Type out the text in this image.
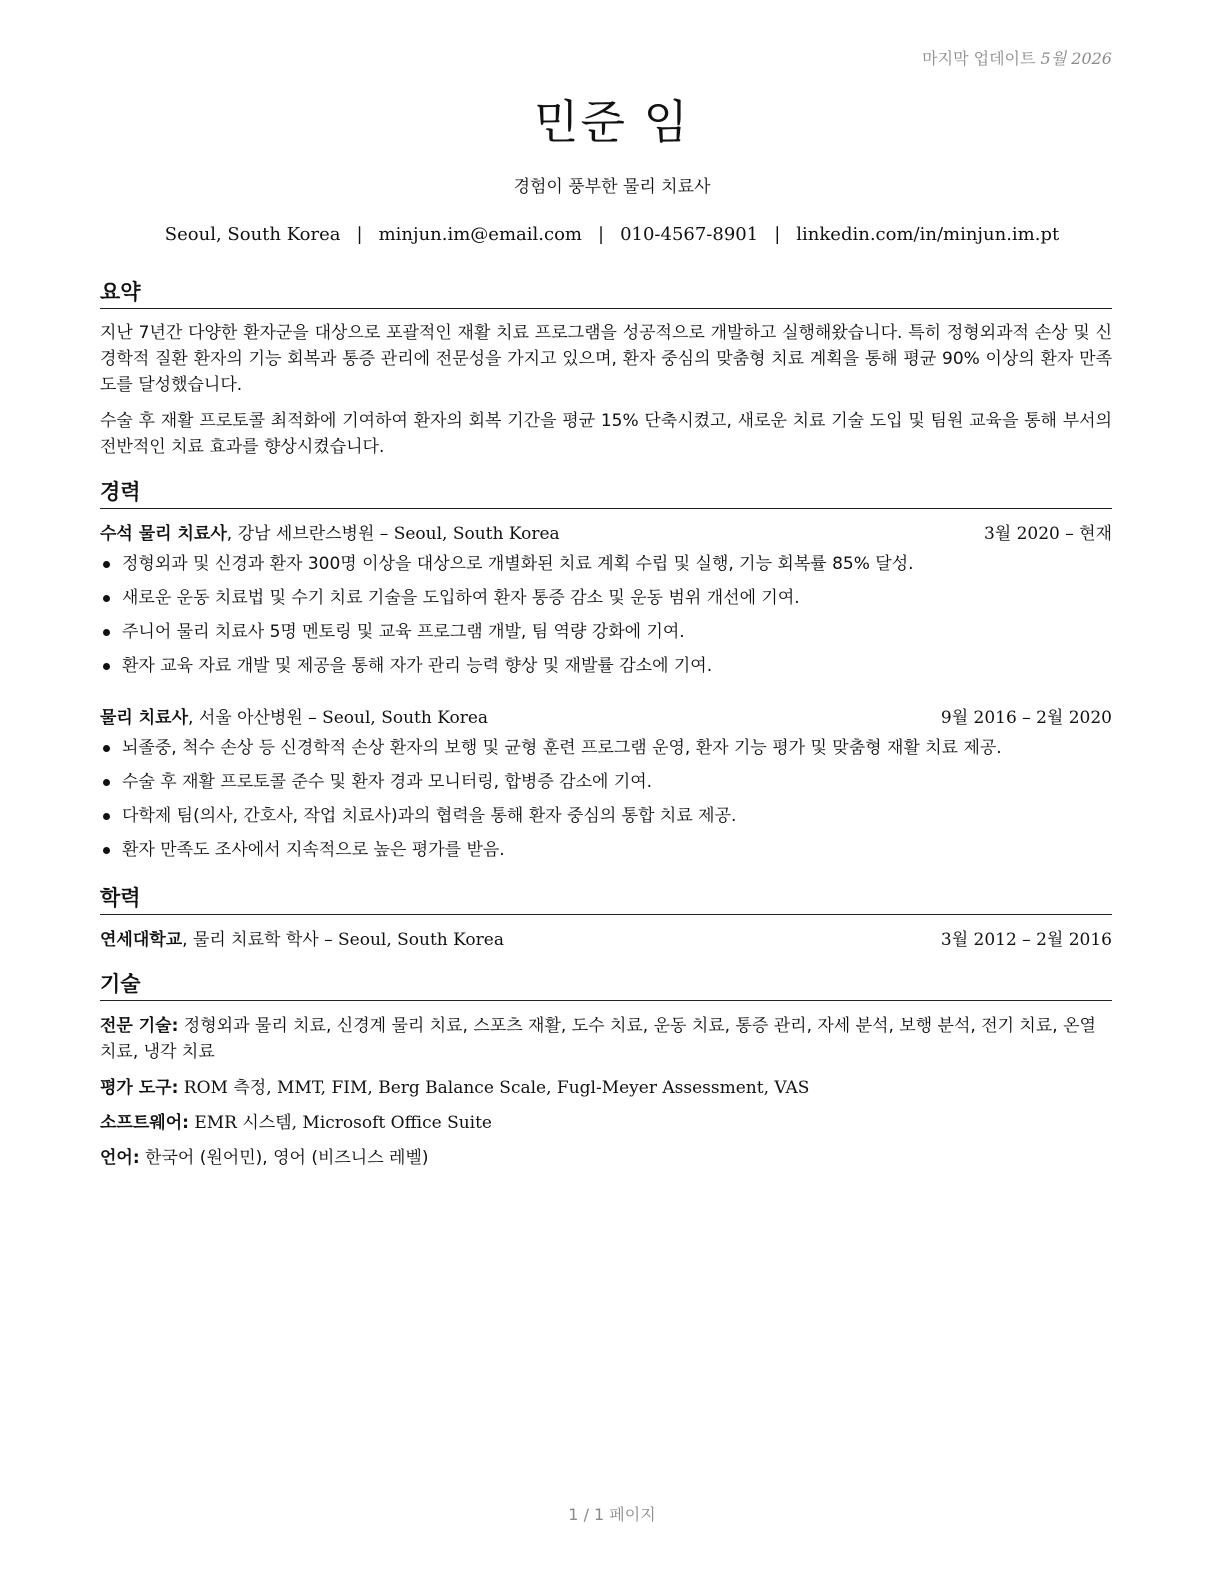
마지막 업데이트 5월 2026
민준 임
경험이 풍부한 물리 치료사
Seoul, South Korea | minjun.im@email.com | 010-4567-8901 | linkedin.com/in/minjun.im.pt
요약
지난 7년간 다양한 환자군을 대상으로 포괄적인 재활 치료 프로그램을 성공적으로 개발하고 실행해왔습니다. 특히 정형외과적 손상 및 신경학적 질환 환자의 기능 회복과 통증 관리에 전문성을 가지고 있으며, 환자 중심의 맞춤형 치료 계획을 통해 평균 90% 이상의 환자 만족도를 달성했습니다.
수술 후 재활 프로토콜 최적화에 기여하여 환자의 회복 기간을 평균 15% 단축시켰고, 새로운 치료 기술 도입 및 팀원 교육을 통해 부서의 전반적인 치료 효과를 향상시켰습니다.
경력
수석 물리 치료사, 강남 세브란스병원 – Seoul, South Korea	3월 2020 – 현재
정형외과 및 신경과 환자 300명 이상을 대상으로 개별화된 치료 계획 수립 및 실행, 기능 회복률 85% 달성.
새로운 운동 치료법 및 수기 치료 기술을 도입하여 환자 통증 감소 및 운동 범위 개선에 기여.
주니어 물리 치료사 5명 멘토링 및 교육 프로그램 개발, 팀 역량 강화에 기여.
환자 교육 자료 개발 및 제공을 통해 자가 관리 능력 향상 및 재발률 감소에 기여.
물리 치료사, 서울 아산병원 – Seoul, South Korea	9월 2016 – 2월 2020
뇌졸중, 척수 손상 등 신경학적 손상 환자의 보행 및 균형 훈련 프로그램 운영, 환자 기능 평가 및 맞춤형 재활 치료 제공.
수술 후 재활 프로토콜 준수 및 환자 경과 모니터링, 합병증 감소에 기여.
다학제 팀(의사, 간호사, 작업 치료사)과의 협력을 통해 환자 중심의 통합 치료 제공.
환자 만족도 조사에서 지속적으로 높은 평가를 받음.
학력
연세대학교, 물리 치료학 학사 – Seoul, South Korea	3월 2012 – 2월 2016
기술
전문 기술: 정형외과 물리 치료, 신경계 물리 치료, 스포츠 재활, 도수 치료, 운동 치료, 통증 관리, 자세 분석, 보행 분석, 전기 치료, 온열 치료, 냉각 치료
평가 도구: ROM 측정, MMT, FIM, Berg Balance Scale, Fugl-Meyer Assessment, VAS
소프트웨어: EMR 시스템, Microsoft Office Suite
언어: 한국어 (원어민), 영어 (비즈니스 레벨)
1 / 1 페이지
